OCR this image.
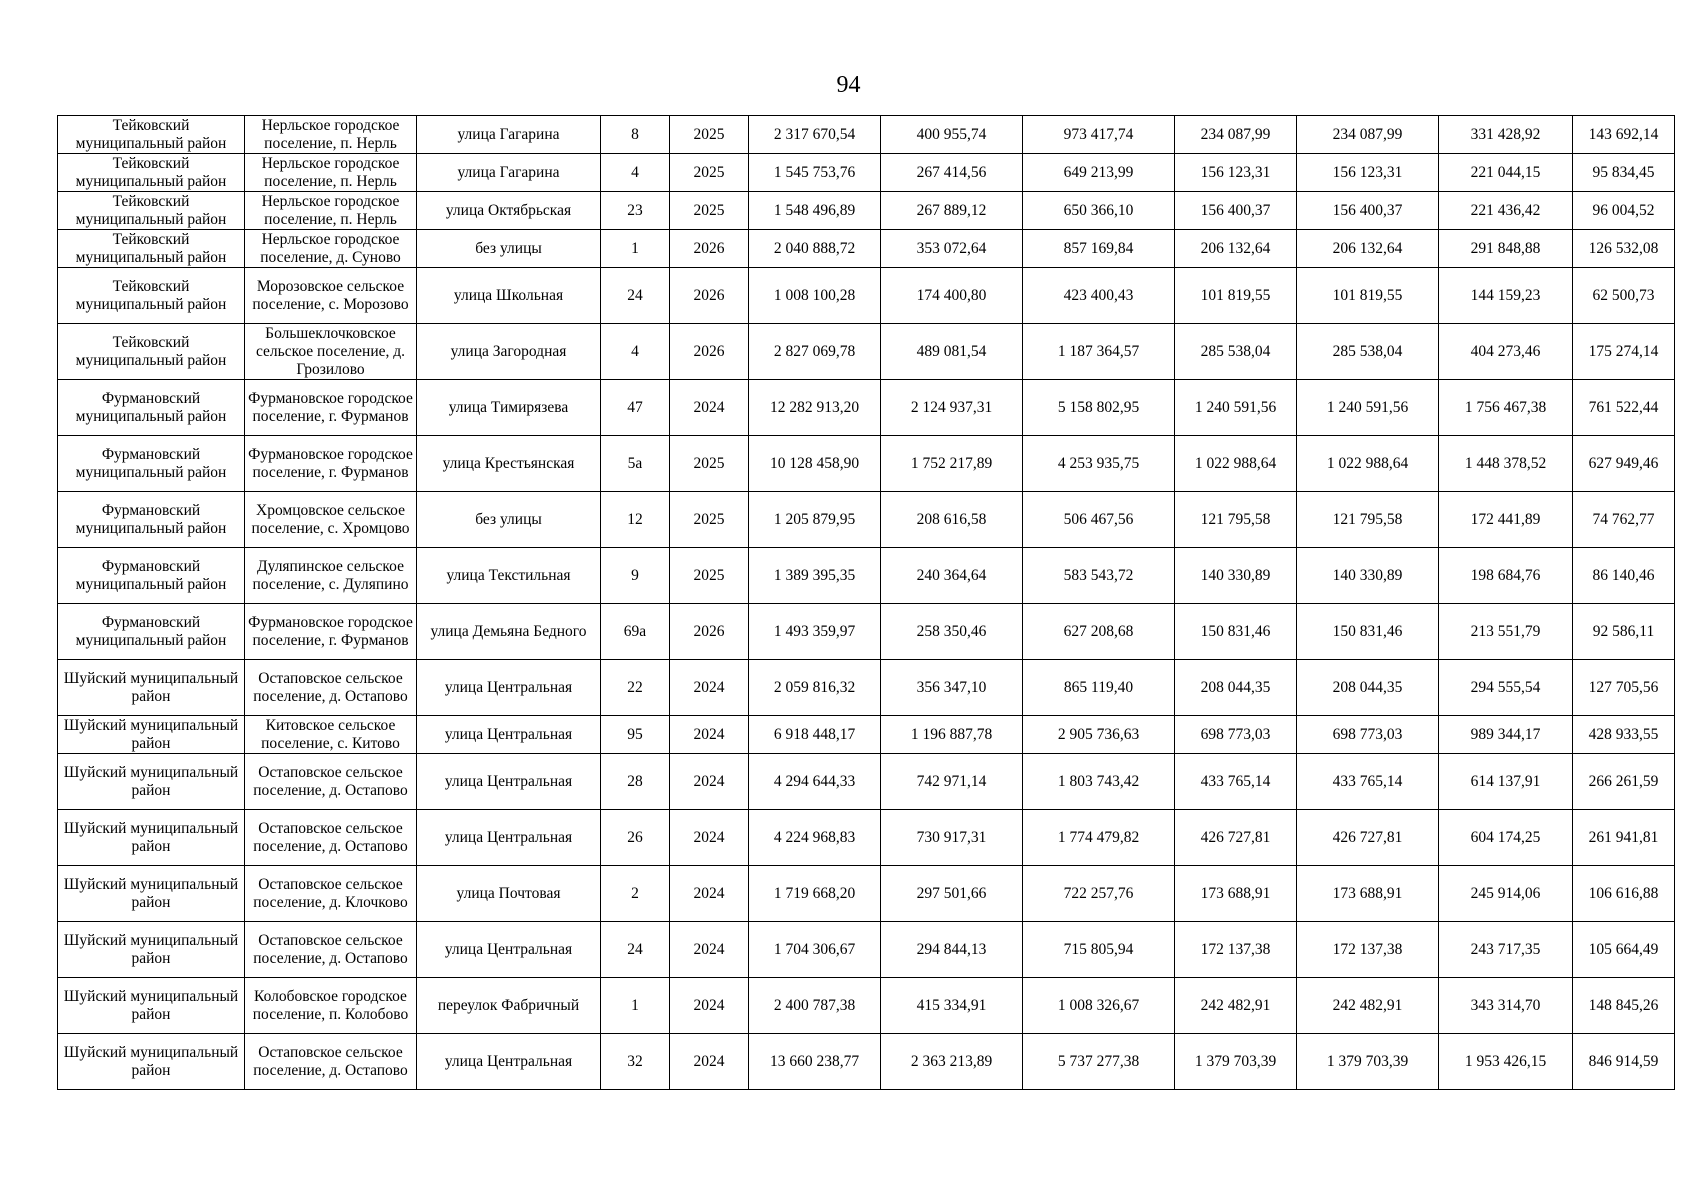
94
Тейковский муниципальный район	Нерльское городское поселение, п. Нерль	улица Гагарина	8	2025	2 317 670,54	400 955,74	973 417,74	234 087,99	234 087,99	331 428,92	143 692,14
Тейковский муниципальный район	Нерльское городское поселение, п. Нерль	улица Гагарина	4	2025	1 545 753,76	267 414,56	649 213,99	156 123,31	156 123,31	221 044,15	95 834,45
Тейковский муниципальный район	Нерльское городское поселение, п. Нерль	улица Октябрьская	23	2025	1 548 496,89	267 889,12	650 366,10	156 400,37	156 400,37	221 436,42	96 004,52
Тейковский муниципальный район	Нерльское городское поселение, д. Суново	без улицы	1	2026	2 040 888,72	353 072,64	857 169,84	206 132,64	206 132,64	291 848,88	126 532,08
Тейковский муниципальный район	Морозовское сельское поселение, с. Морозово	улица Школьная	24	2026	1 008 100,28	174 400,80	423 400,43	101 819,55	101 819,55	144 159,23	62 500,73
Тейковский муниципальный район	Большеклочковское сельское поселение, д. Грозилово	улица Загородная	4	2026	2 827 069,78	489 081,54	1 187 364,57	285 538,04	285 538,04	404 273,46	175 274,14
Фурмановский муниципальный район	Фурмановское городское поселение, г. Фурманов	улица Тимирязева	47	2024	12 282 913,20	2 124 937,31	5 158 802,95	1 240 591,56	1 240 591,56	1 756 467,38	761 522,44
Фурмановский муниципальный район	Фурмановское городское поселение, г. Фурманов	улица Крестьянская	5а	2025	10 128 458,90	1 752 217,89	4 253 935,75	1 022 988,64	1 022 988,64	1 448 378,52	627 949,46
Фурмановский муниципальный район	Хромцовское сельское поселение, с. Хромцово	без улицы	12	2025	1 205 879,95	208 616,58	506 467,56	121 795,58	121 795,58	172 441,89	74 762,77
Фурмановский муниципальный район	Дуляпинское сельское поселение, с. Дуляпино	улица Текстильная	9	2025	1 389 395,35	240 364,64	583 543,72	140 330,89	140 330,89	198 684,76	86 140,46
Фурмановский муниципальный район	Фурмановское городское поселение, г. Фурманов	улица Демьяна Бедного	69а	2026	1 493 359,97	258 350,46	627 208,68	150 831,46	150 831,46	213 551,79	92 586,11
Шуйский муниципальный район	Остаповское сельское поселение, д. Остапово	улица Центральная	22	2024	2 059 816,32	356 347,10	865 119,40	208 044,35	208 044,35	294 555,54	127 705,56
Шуйский муниципальный район	Китовское сельское поселение, с. Китово	улица Центральная	95	2024	6 918 448,17	1 196 887,78	2 905 736,63	698 773,03	698 773,03	989 344,17	428 933,55
Шуйский муниципальный район	Остаповское сельское поселение, д. Остапово	улица Центральная	28	2024	4 294 644,33	742 971,14	1 803 743,42	433 765,14	433 765,14	614 137,91	266 261,59
Шуйский муниципальный район	Остаповское сельское поселение, д. Остапово	улица Центральная	26	2024	4 224 968,83	730 917,31	1 774 479,82	426 727,81	426 727,81	604 174,25	261 941,81
Шуйский муниципальный район	Остаповское сельское поселение, д. Клочково	улица Почтовая	2	2024	1 719 668,20	297 501,66	722 257,76	173 688,91	173 688,91	245 914,06	106 616,88
Шуйский муниципальный район	Остаповское сельское поселение, д. Остапово	улица Центральная	24	2024	1 704 306,67	294 844,13	715 805,94	172 137,38	172 137,38	243 717,35	105 664,49
Шуйский муниципальный район	Колобовское городское поселение, п. Колобово	переулок Фабричный	1	2024	2 400 787,38	415 334,91	1 008 326,67	242 482,91	242 482,91	343 314,70	148 845,26
Шуйский муниципальный район	Остаповское сельское поселение, д. Остапово	улица Центральная	32	2024	13 660 238,77	2 363 213,89	5 737 277,38	1 379 703,39	1 379 703,39	1 953 426,15	846 914,59
